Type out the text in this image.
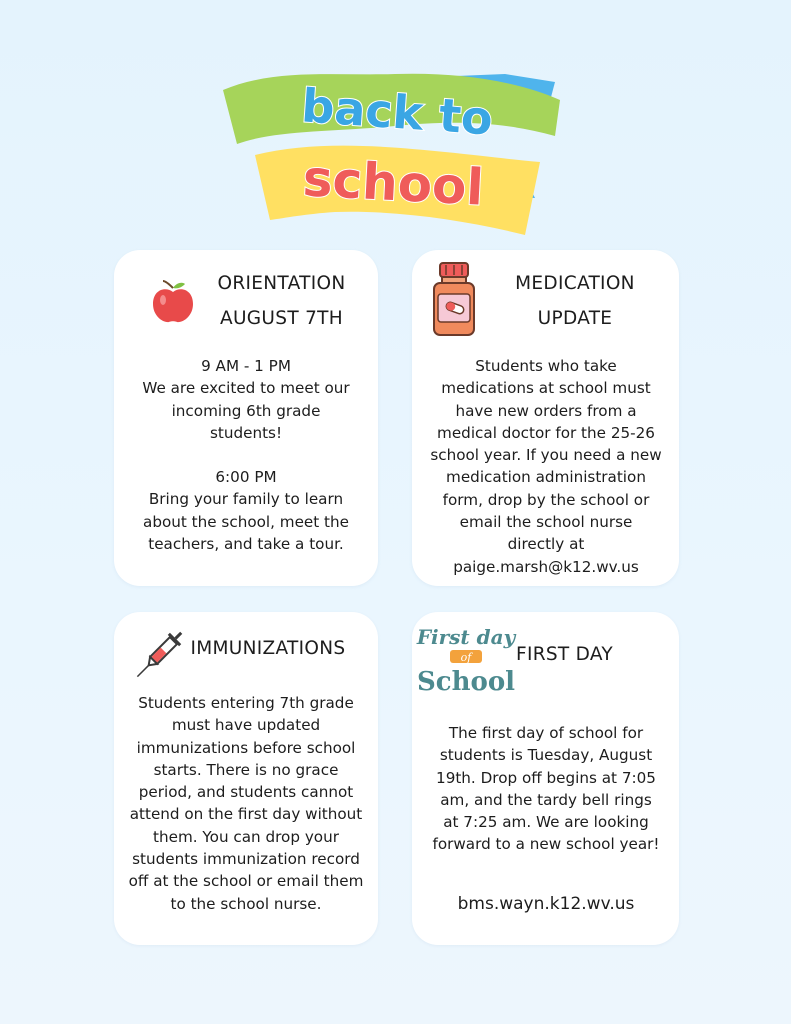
back to
school
ORIENTATION
AUGUST 7TH

9 AM - 1 PM

We are excited to meet our incoming 6th grade students!

6:00 PM

Bring your family to learn about the school, meet the teachers, and take a tour.

MEDICATION
UPDATE

Students who take medications at school must have new orders from a medical doctor for the 25-26 school year. If you need a new medication administration form, drop by the school or email the school nurse directly at

paige.marsh@k12.wv.us

IMMUNIZATIONS
Students entering 7th grade must have updated immunizations before school starts. There is no grace period, and students cannot attend on the first day without them. You can drop your students immunization record off at the school or email them to the school nurse.
First day
of
School
FIRST DAY
The first day of school for students is Tuesday, August 19th. Drop off begins at 7:05 am, and the tardy bell rings at 7:25 am. We are looking forward to a new school year!
bms.wayn.k12.wv.us
